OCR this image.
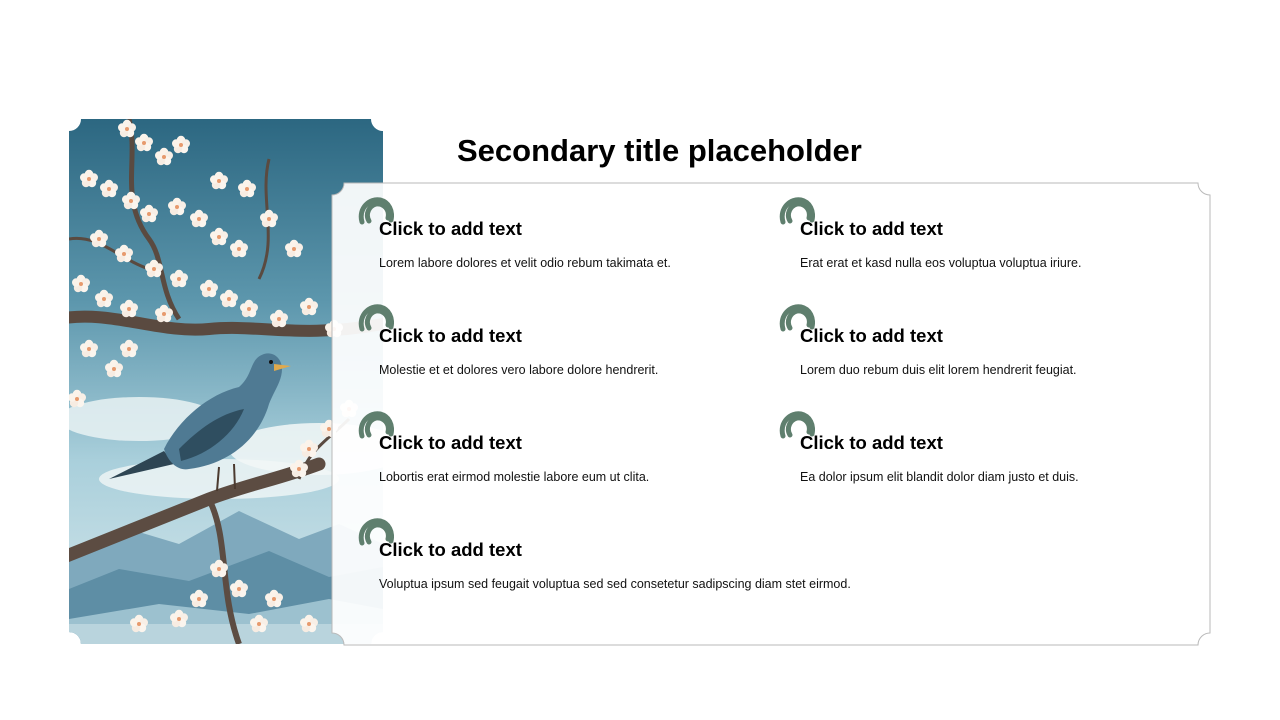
Secondary title placeholder
Click to add text
Lorem labore dolores et velit odio rebum takimata et.
Click to add text
Erat erat et kasd nulla eos voluptua voluptua iriure.
Click to add text
Molestie et et dolores vero labore dolore hendrerit.
Click to add text
Lorem duo rebum duis elit lorem hendrerit feugiat.
Click to add text
Lobortis erat eirmod molestie labore eum ut clita.
Click to add text
Ea dolor ipsum elit blandit dolor diam justo et duis.
Click to add text
Voluptua ipsum sed feugait voluptua sed sed consetetur sadipscing diam stet eirmod.
